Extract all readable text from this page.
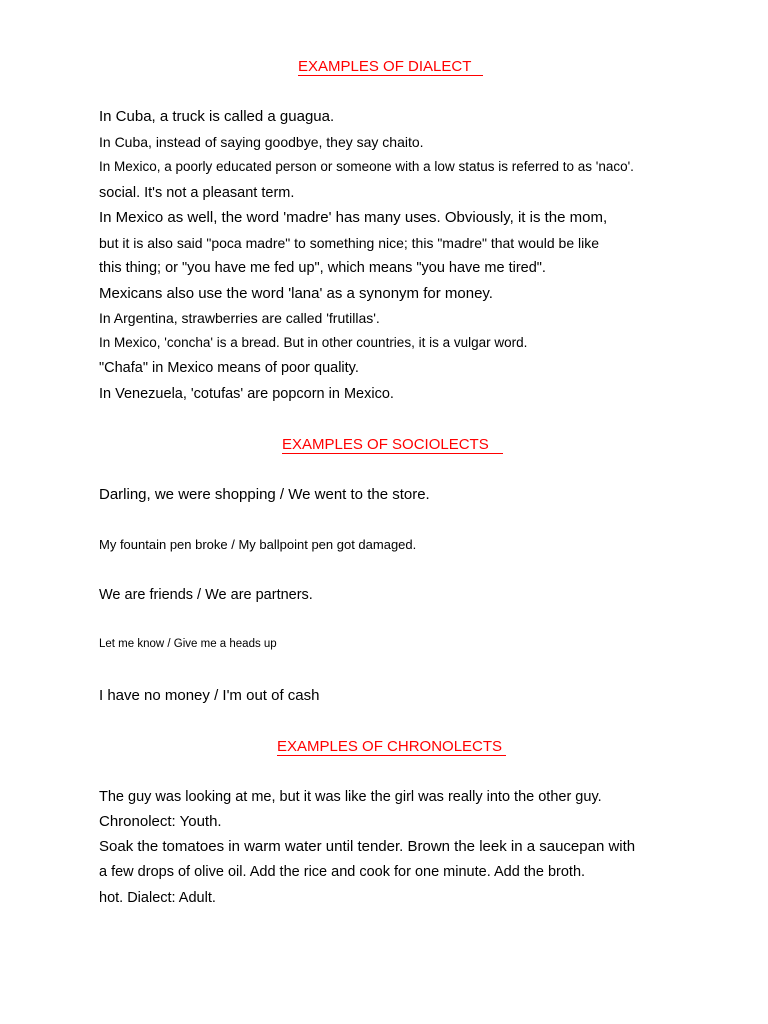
EXAMPLES OF DIALECT
In Cuba, a truck is called a guagua.
In Cuba, instead of saying goodbye, they say chaito.
In Mexico, a poorly educated person or someone with a low status is referred to as 'naco'.
social. It's not a pleasant term.
In Mexico as well, the word 'madre' has many uses. Obviously, it is the mom,
but it is also said "poca madre" to something nice; this "madre" that would be like
this thing; or "you have me fed up", which means "you have me tired".
Mexicans also use the word 'lana' as a synonym for money.
In Argentina, strawberries are called 'frutillas'.
In Mexico, 'concha' is a bread. But in other countries, it is a vulgar word.
"Chafa" in Mexico means of poor quality.
In Venezuela, 'cotufas' are popcorn in Mexico.
EXAMPLES OF SOCIOLECTS
Darling, we were shopping / We went to the store.
My fountain pen broke / My ballpoint pen got damaged.
We are friends / We are partners.
Let me know / Give me a heads up
I have no money / I'm out of cash
EXAMPLES OF CHRONOLECTS
The guy was looking at me, but it was like the girl was really into the other guy.
Chronolect: Youth.
Soak the tomatoes in warm water until tender. Brown the leek in a saucepan with
a few drops of olive oil. Add the rice and cook for one minute. Add the broth.
hot. Dialect: Adult.
